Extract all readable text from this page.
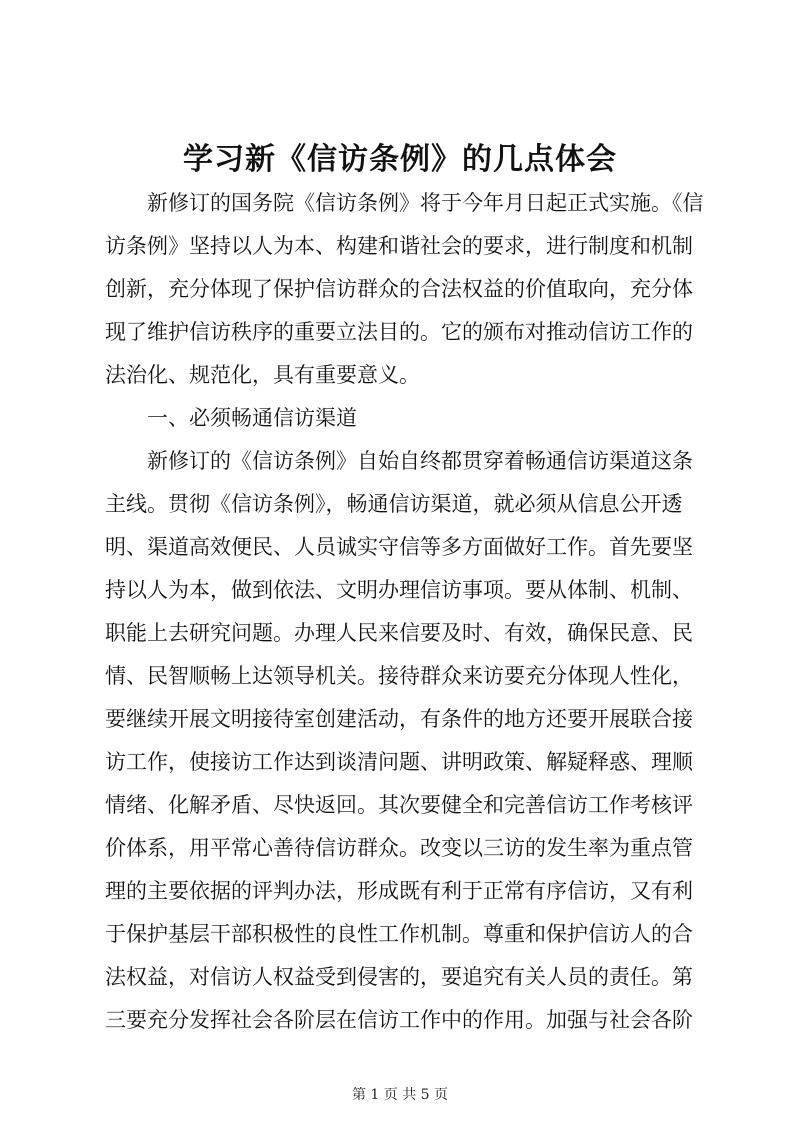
学习新《信访条例》的几点体会
新修订的国务院《信访条例》将于今年月日起正式实施。《信
访条例》坚持以人为本、构建和谐社会的要求，进行制度和机制
创新，充分体现了保护信访群众的合法权益的价值取向，充分体
现了维护信访秩序的重要立法目的。它的颁布对推动信访工作的
法治化、规范化，具有重要意义。
一、必须畅通信访渠道
新修订的《信访条例》自始自终都贯穿着畅通信访渠道这条
主线。贯彻《信访条例》，畅通信访渠道，就必须从信息公开透
明、渠道高效便民、人员诚实守信等多方面做好工作。首先要坚
持以人为本，做到依法、文明办理信访事项。要从体制、机制、
职能上去研究问题。办理人民来信要及时、有效，确保民意、民
情、民智顺畅上达领导机关。接待群众来访要充分体现人性化，
要继续开展文明接待室创建活动，有条件的地方还要开展联合接
访工作，使接访工作达到谈清问题、讲明政策、解疑释惑、理顺
情绪、化解矛盾、尽快返回。其次要健全和完善信访工作考核评
价体系，用平常心善待信访群众。改变以三访的发生率为重点管
理的主要依据的评判办法，形成既有利于正常有序信访，又有利
于保护基层干部积极性的良性工作机制。尊重和保护信访人的合
法权益，对信访人权益受到侵害的，要追究有关人员的责任。第
三要充分发挥社会各阶层在信访工作中的作用。加强与社会各阶
第 1 页 共 5 页
